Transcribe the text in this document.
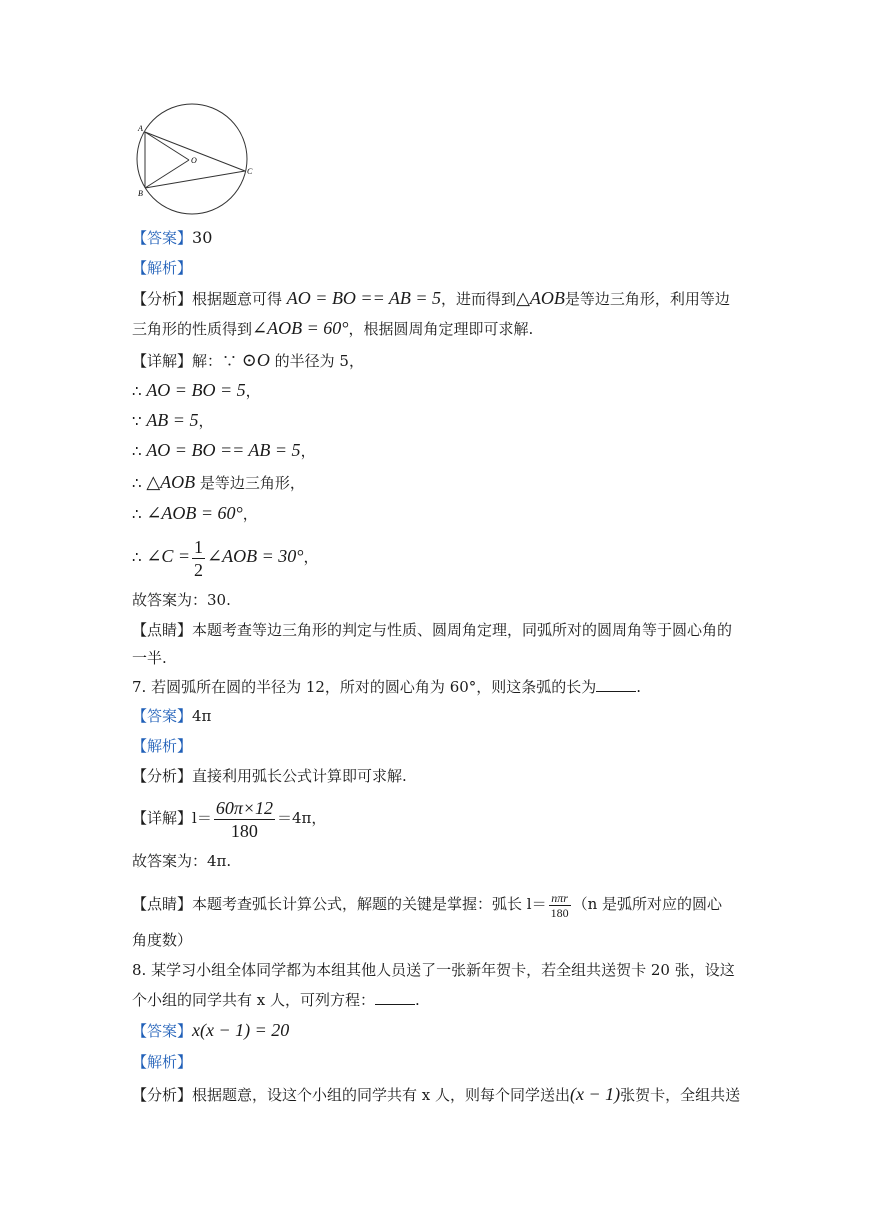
A
B
C
O
【答案】30
【解析】
【分析】根据题意可得 AO = BO == AB = 5，进而得到△AOB是等边三角形，利用等边
三角形的性质得到∠AOB = 60°，根据圆周角定理即可求解.
【详解】解：∵ ⊙O 的半径为 5，
∴ AO = BO = 5，
∵ AB = 5，
∴ AO = BO == AB = 5，
∴ △AOB 是等边三角形，
∴ ∠AOB = 60°，
∴ ∠C = $\frac{1}{2}$ ∠AOB = 30°，
故答案为：30.
【点睛】本题考查等边三角形的判定与性质、圆周角定理，同弧所对的圆周角等于圆心角的
一半.
7. 若圆弧所在圆的半径为 12，所对的圆心角为 60°，则这条弧的长为	.
【答案】4π
【解析】
【分析】直接利用弧长公式计算即可求解.
【详解】$l= \frac{60\pi\times 12}{180} =4\pi$，
故答案为：4π.
【点睛】本题考查弧长计算公式，解题的关键是掌握：弧长 $l= \frac{\text{nπr}}{180} (n$ 是弧所对应的圆心
角度数）
8. 某学习小组全体同学都为本组其他人员送了一张新年贺卡，若全组共送贺卡 20 张，设这
个小组的同学共有 x 人，可列方程：	.
【答案】x(x − 1) = 20
【解析】
【分析】根据题意，设这个小组的同学共有 x 人，则每个同学送出(x − 1)张贺卡，全组共送
